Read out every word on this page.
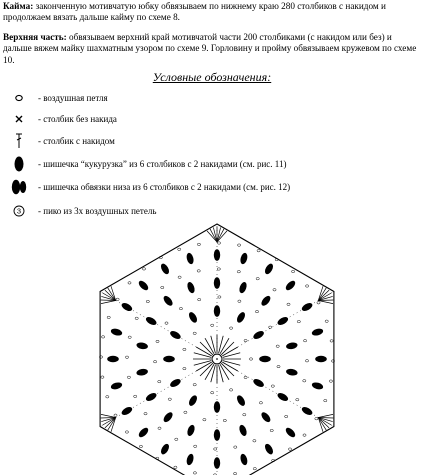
Кайма: законченную мотивчатую юбку обвязываем по нижнему краю 280 столбиков с накидом и продолжаем вязать дальше кайму по схеме 8.
Верхняя часть: обвязываем верхний край мотивчатой части 200 столбиками (с накидом или без) и дальше вяжем майку шахматным узором по схеме 9. Горловину и пройму обвязываем кружевом по схеме 10.
Условные обозначения:
- воздушная петля
- столбик без накида
- столбик с накидом
- шишечка “кукурузка” из 6 столбиков с 2 накидами (см. рис. 11)
- шишечка обвязки низа из 6 столбиков с 2 накидами (см. рис. 12)
3 - пико из 3х воздушных петель
